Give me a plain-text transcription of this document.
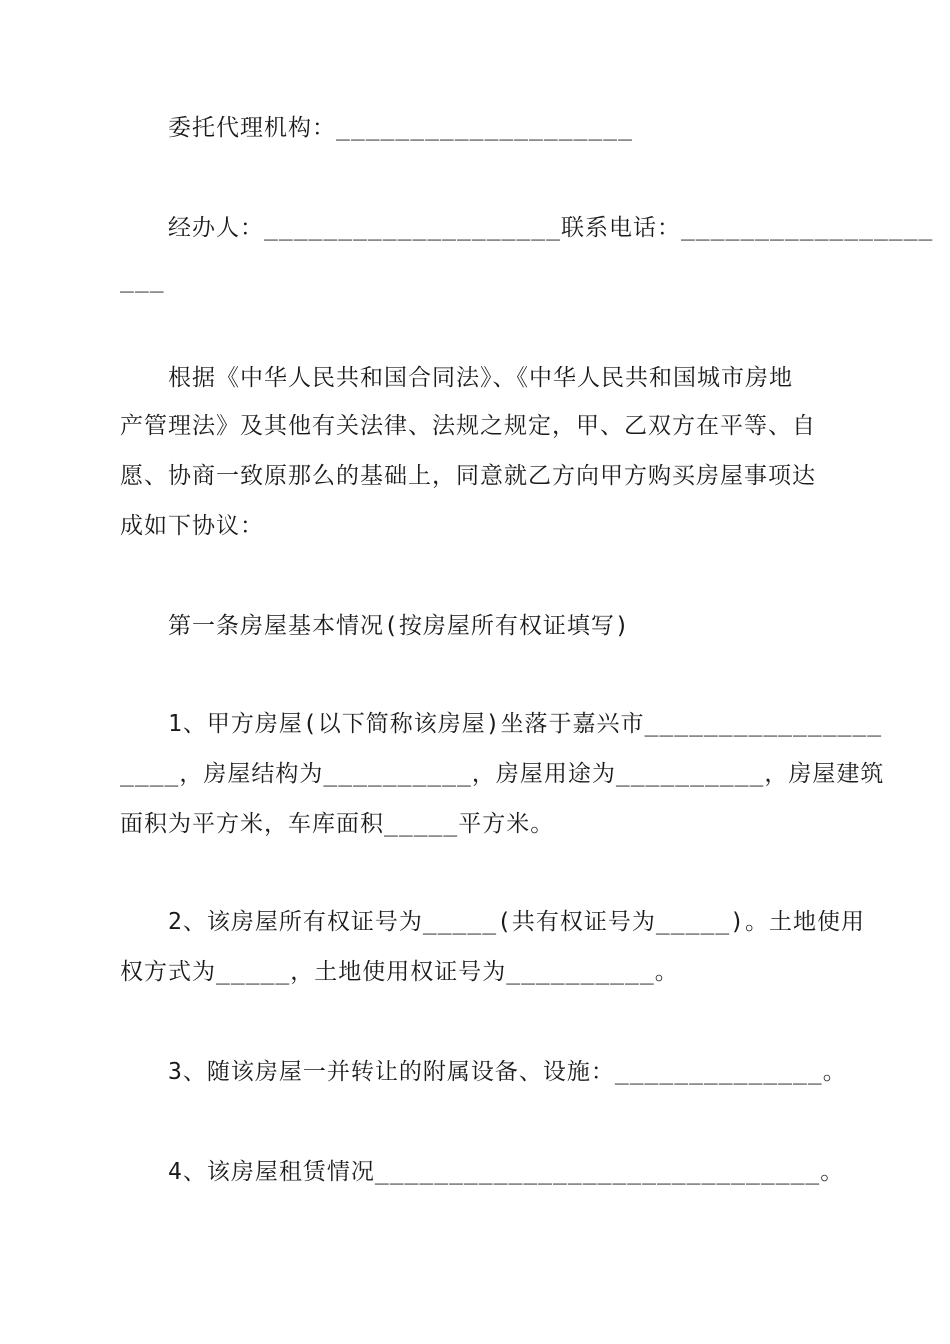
委托代理机构：____________________
经办人：____________________联系电话：_________________
___
根据《中华人民共和国合同法》、《中华人民共和国城市房地
产管理法》及其他有关法律、法规之规定，甲、乙双方在平等、自
愿、协商一致原那么的基础上，同意就乙方向甲方购买房屋事项达
成如下协议：
第一条房屋基本情况(按房屋所有权证填写)
1、甲方房屋(以下简称该房屋)坐落于嘉兴市________________
____，房屋结构为__________，房屋用途为__________，房屋建筑
面积为平方米，车库面积_____平方米。
2、该房屋所有权证号为_____(共有权证号为_____)。土地使用
权方式为_____，土地使用权证号为__________。
3、随该房屋一并转让的附属设备、设施：______________。
4、该房屋租赁情况______________________________。
